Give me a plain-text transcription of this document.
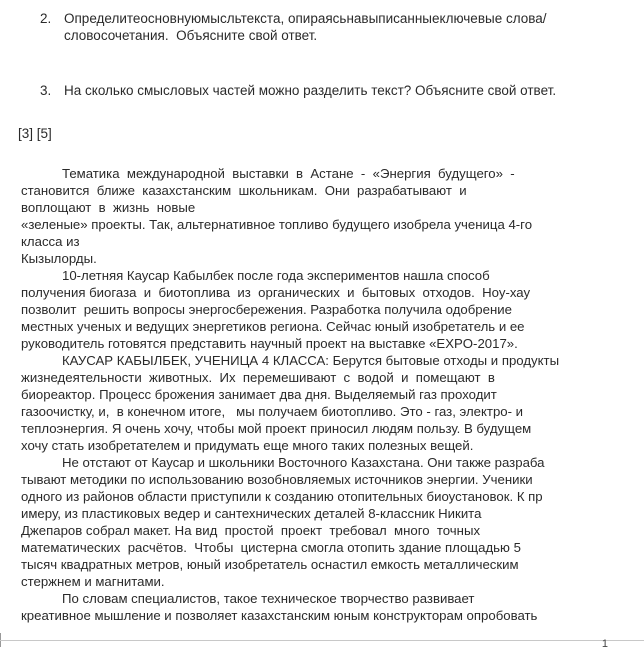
2. Определитеосновнуюмысльтекста, опираясьнавыписанныеключевые слова/
словосочетания.  Объясните свой ответ.
3. На сколько смысловых частей можно разделить текст? Объясните свой ответ.
[3] [5]
Тематика  международной  выставки  в  Астане  -  «Энергия  будущего»  -
становится  ближе  казахстанским  школьникам.  Они  разрабатывают  и
воплощают  в  жизнь  новые
«зеленые» проекты. Так, альтернативное топливо будущего изобрела ученица 4-го
класса из
Кызылорды.
10-летняя Каусар Кабылбек после года экспериментов нашла способ
получения биогаза  и  биотоплива  из  органических  и  бытовых  отходов.  Ноу-хау
позволит  решить вопросы энергосбережения. Разработка получила одобрение
местных ученых и ведущих энергетиков региона. Сейчас юный изобретатель и ее
руководитель готовятся представить научный проект на выставке «EXPO-2017».
КАУСАР КАБЫЛБЕК, УЧЕНИЦА 4 КЛАССА: Берутся бытовые отходы и продукты
жизнедеятельности  животных.  Их  перемешивают  с  водой  и  помещают  в
биореактор. Процесс брожения занимает два дня. Выделяемый газ проходит
газоочистку, и,  в конечном итоге,   мы получаем биотопливо. Это - газ, электро- и
теплоэнергия. Я очень хочу, чтобы мой проект приносил людям пользу. В будущем
хочу стать изобретателем и придумать еще много таких полезных вещей.
Не отстают от Каусар и школьники Восточного Казахстана. Они также разраба
тывают методики по использованию возобновляемых источников энергии. Ученики
одного из районов области приступили к созданию отопительных биоустановок. К пр
имеру, из пластиковых ведер и сантехнических деталей 8-классник Никита
Джепаров собрал макет. На вид  простой  проект  требовал  много  точных
математических  расчётов.  Чтобы  цистерна смогла отопить здание площадью 5
тысяч квадратных метров, юный изобретатель оснастил емкость металлическим
стержнем и магнитами.
По словам специалистов, такое техническое творчество развивает
креативное мышление и позволяет казахстанским юным конструкторам опробовать
1
